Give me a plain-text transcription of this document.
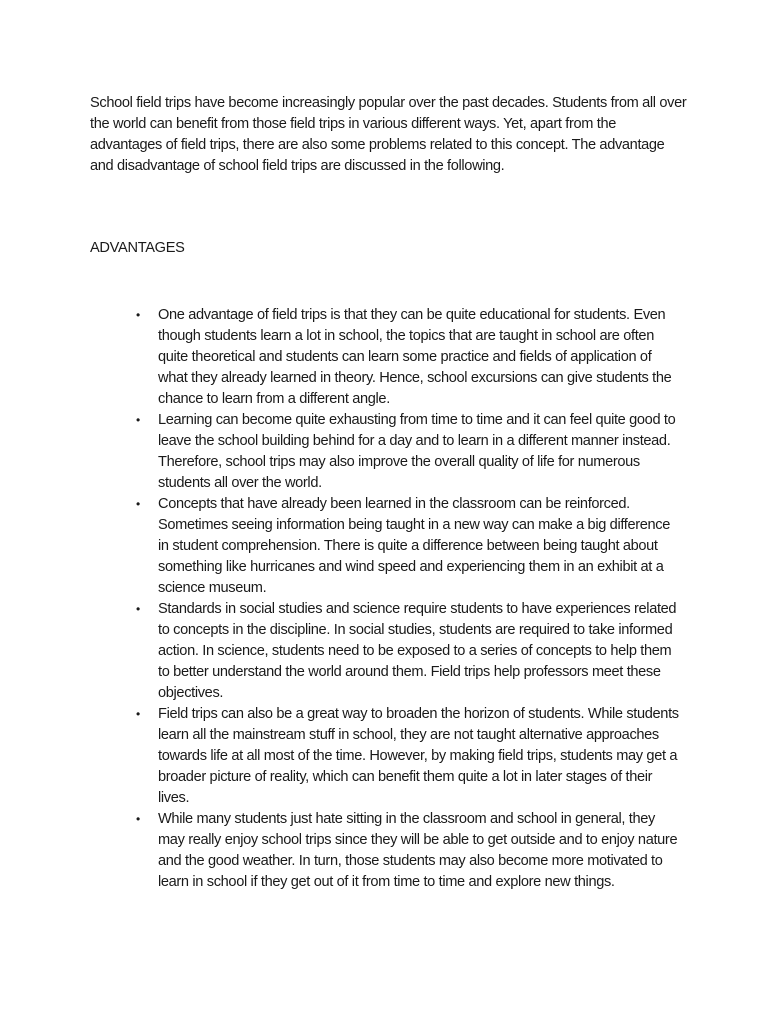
School field trips have become increasingly popular over the past decades. Students from all over the world can benefit from those field trips in various different ways. Yet, apart from the advantages of field trips, there are also some problems related to this concept. The advantage and disadvantage of school field trips are discussed in the following.

ADVANTAGES
• One advantage of field trips is that they can be quite educational for students. Even though students learn a lot in school, the topics that are taught in school are often quite theoretical and students can learn some practice and fields of application of what they already learned in theory. Hence, school excursions can give students the chance to learn from a different angle.
• Learning can become quite exhausting from time to time and it can feel quite good to leave the school building behind for a day and to learn in a different manner instead. Therefore, school trips may also improve the overall quality of life for numerous students all over the world.
• Concepts that have already been learned in the classroom can be reinforced. Sometimes seeing information being taught in a new way can make a big difference in student comprehension. There is quite a difference between being taught about something like hurricanes and wind speed and experiencing them in an exhibit at a science museum.
• Standards in social studies and science require students to have experiences related to concepts in the discipline. In social studies, students are required to take informed action. In science, students need to be exposed to a series of concepts to help them to better understand the world around them. Field trips help professors meet these objectives.
• Field trips can also be a great way to broaden the horizon of students. While students learn all the mainstream stuff in school, they are not taught alternative approaches towards life at all most of the time. However, by making field trips, students may get a broader picture of reality, which can benefit them quite a lot in later stages of their lives.
• While many students just hate sitting in the classroom and school in general, they may really enjoy school trips since they will be able to get outside and to enjoy nature and the good weather. In turn, those students may also become more motivated to learn in school if they get out of it from time to time and explore new things.
